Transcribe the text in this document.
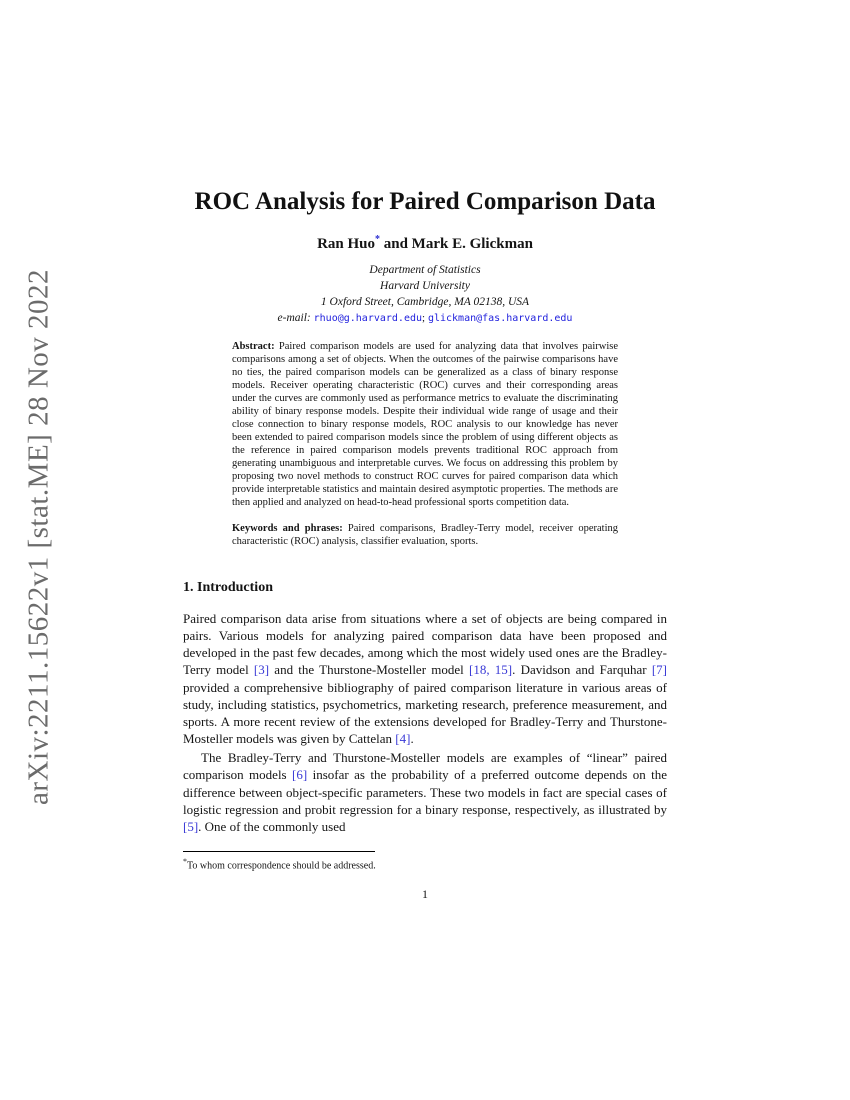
arXiv:2211.15622v1 [stat.ME] 28 Nov 2022
ROC Analysis for Paired Comparison Data
Ran Huo* and Mark E. Glickman
Department of Statistics
Harvard University
1 Oxford Street, Cambridge, MA 02138, USA
e-mail: rhuo@g.harvard.edu; glickman@fas.harvard.edu
Abstract: Paired comparison models are used for analyzing data that involves pairwise comparisons among a set of objects. When the outcomes of the pairwise comparisons have no ties, the paired comparison models can be generalized as a class of binary response models. Receiver operating characteristic (ROC) curves and their corresponding areas under the curves are commonly used as performance metrics to evaluate the discriminating ability of binary response models. Despite their individual wide range of usage and their close connection to binary response models, ROC analysis to our knowledge has never been extended to paired comparison models since the problem of using different objects as the reference in paired comparison models prevents traditional ROC approach from generating unambiguous and interpretable curves. We focus on addressing this problem by proposing two novel methods to construct ROC curves for paired comparison data which provide interpretable statistics and maintain desired asymptotic properties. The methods are then applied and analyzed on head-to-head professional sports competition data.
Keywords and phrases: Paired comparisons, Bradley-Terry model, receiver operating characteristic (ROC) analysis, classifier evaluation, sports.
1. Introduction

Paired comparison data arise from situations where a set of objects are being compared in pairs. Various models for analyzing paired comparison data have been proposed and developed in the past few decades, among which the most widely used ones are the Bradley-Terry model [3] and the Thurstone-Mosteller model [18, 15]. Davidson and Farquhar [7] provided a comprehensive bibliography of paired comparison literature in various areas of study, including statistics, psychometrics, marketing research, preference measurement, and sports. A more recent review of the extensions developed for Bradley-Terry and Thurstone-Mosteller models was given by Cattelan [4].

The Bradley-Terry and Thurstone-Mosteller models are examples of “linear” paired comparison models [6] insofar as the probability of a preferred outcome depends on the difference between object-specific parameters. These two models in fact are special cases of logistic regression and probit regression for a binary response, respectively, as illustrated by [5]. One of the commonly used

*To whom correspondence should be addressed.
1
